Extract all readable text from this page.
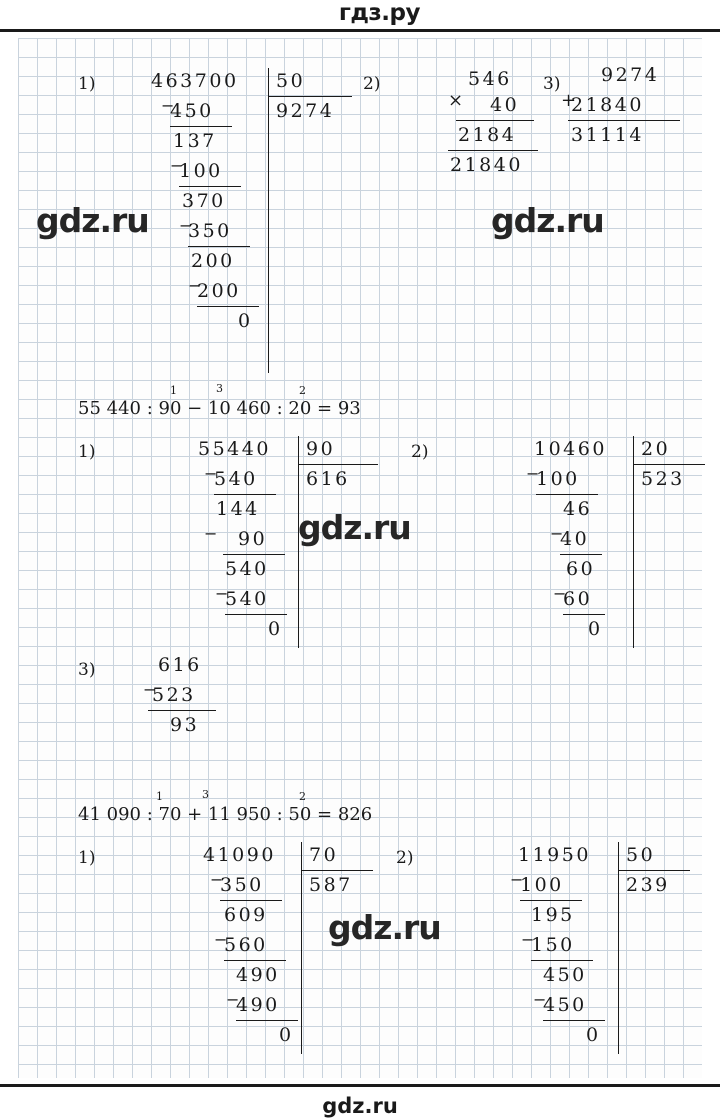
гдз.ру
1)	463700 50
9274
−
450
137
−
100
370
−
350
200
−
200
0
2)	546
× 40
2184
21840
3) 9274
+
21840
31114
1	3	2
55 440 : 90 − 10 460 : 20 = 93
1)	55440 90
616
−
540
144
− 90
540
−
540
0
2)	10460 20
523
−
100
46
−
40
60
−
60
0
3)	616
−
523
93
1	3	2
41 090 : 70 + 11 950 : 50 = 826
1)	41090 70
587
−
350
609
−
560
490
−
490
0
2)	11950 50
239
−
100
195
−
150
450
−
450
0
gdz.ru	gdz.ru
gdz.ru
gdz.ru
gdz.ru
